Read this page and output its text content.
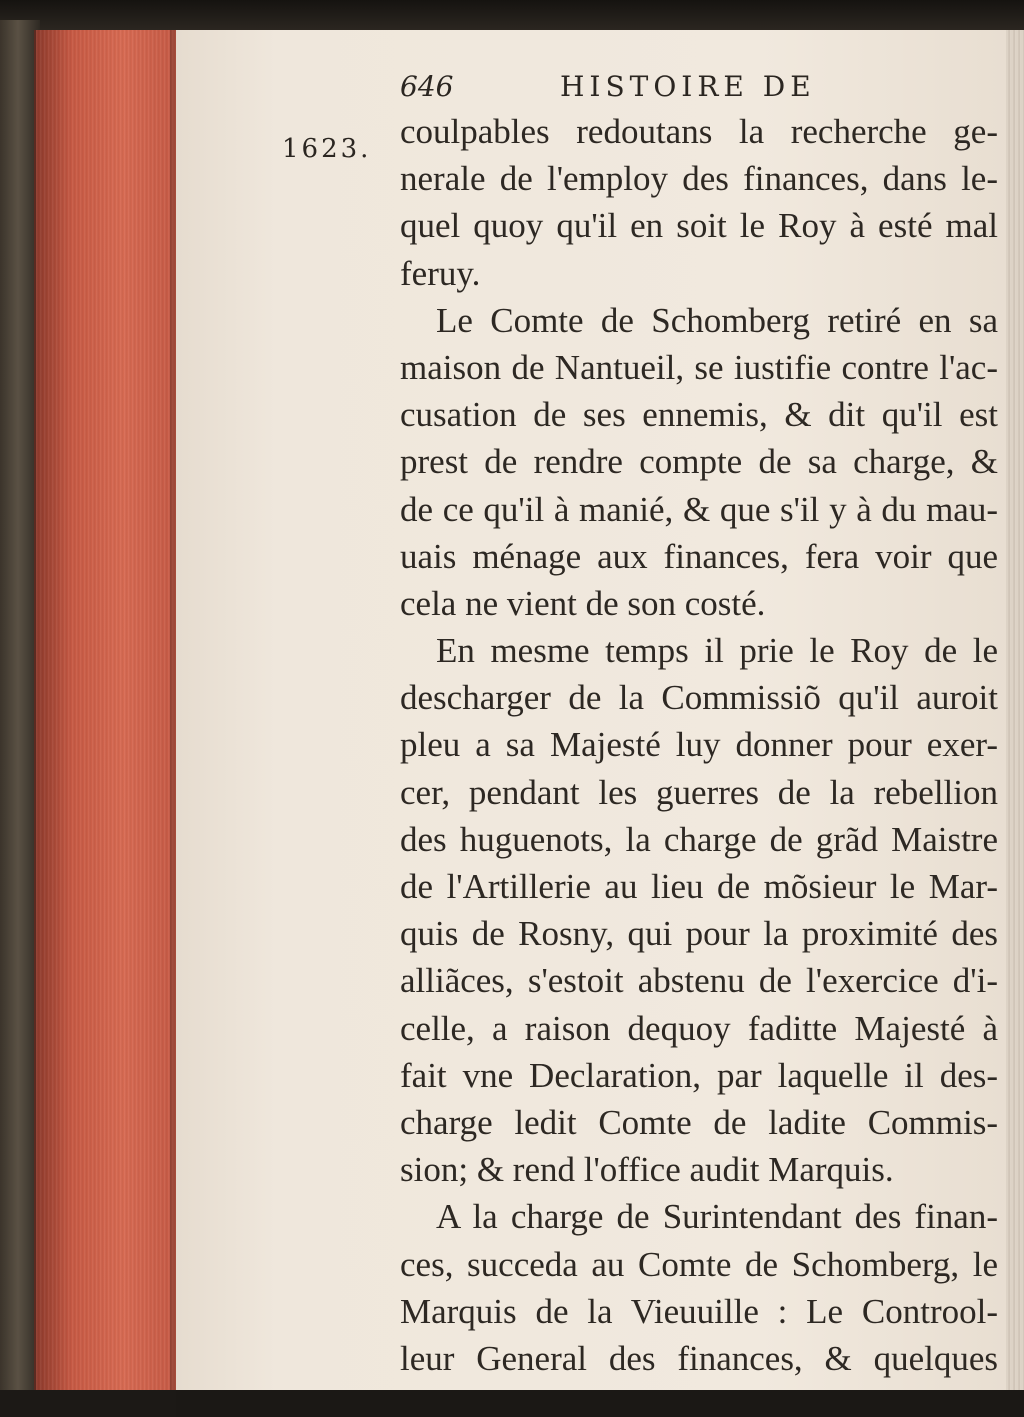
1623.
646	HISTOIRE DE
coulpables redoutans la recherche ge-
nerale de l'employ des finances, dans le-
quel quoy qu'il en soit le Roy à esté mal
feruy.
Le Comte de Schomberg retiré en sa
maison de Nantueil, se iustifie contre l'ac-
cusation de ses ennemis, & dit qu'il est
prest de rendre compte de sa charge, &
de ce qu'il à manié, & que s'il y à du mau-
uais ménage aux finances, fera voir que
cela ne vient de son costé.
En mesme temps il prie le Roy de le
descharger de la Commissiõ qu'il auroit
pleu a sa Majesté luy donner pour exer-
cer, pendant les guerres de la rebellion
des huguenots, la charge de grãd Maistre
de l'Artillerie au lieu de mõsieur le Mar-
quis de Rosny, qui pour la proximité des
alliãces, s'estoit abstenu de l'exercice d'i-
celle, a raison dequoy faditte Majesté à
fait vne Declaration, par laquelle il des-
charge ledit Comte de ladite Commis-
sion; & rend l'office audit Marquis.
A la charge de Surintendant des finan-
ces, succeda au Comte de Schomberg, le
Marquis de la Vieuuille : Le Controol-
leur General des finances, & quelques
